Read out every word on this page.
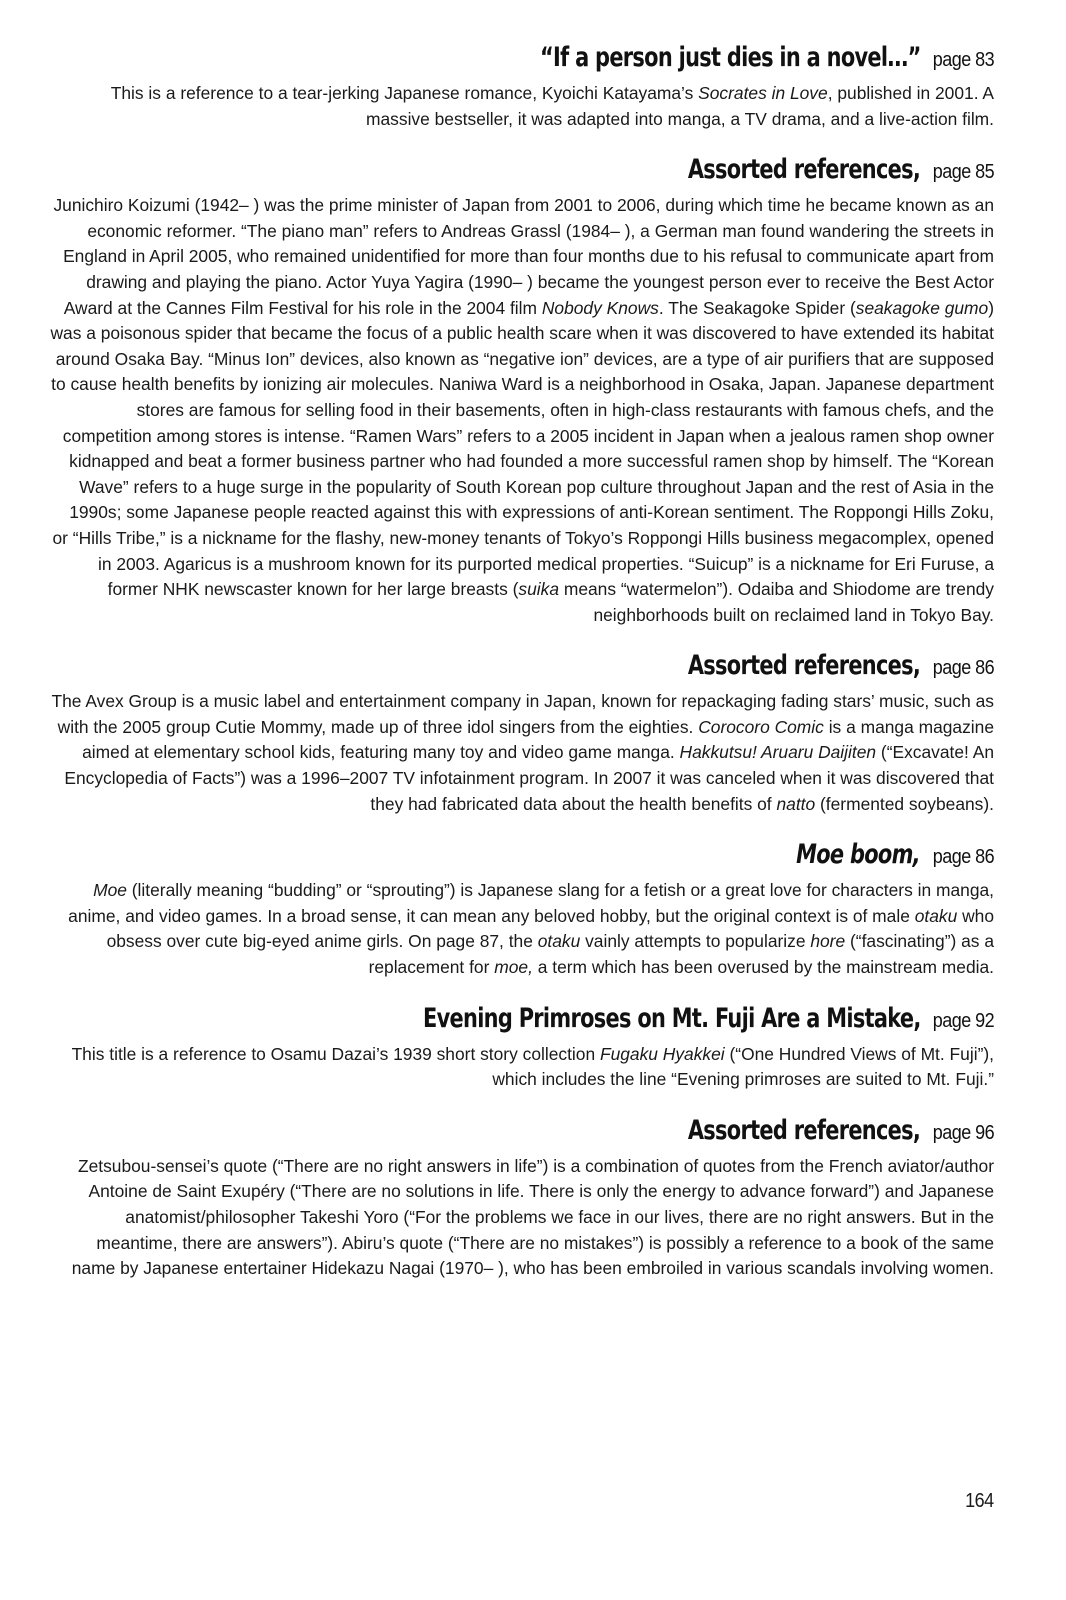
“If a person just dies in a novel…” page 83

This is a reference to a tear-jerking Japanese romance, Kyoichi Katayama’s Socrates in Love, published in 2001. A massive bestseller, it was adapted into manga, a TV drama, and a live-action film.

Assorted references, page 85

Junichiro Koizumi (1942– ) was the prime minister of Japan from 2001 to 2006, during which time he became known as an economic reformer. “The piano man” refers to Andreas Grassl (1984– ), a German man found wandering the streets in England in April 2005, who remained unidentified for more than four months due to his refusal to communicate apart from drawing and playing the piano. Actor Yuya Yagira (1990– ) became the youngest person ever to receive the Best Actor Award at the Cannes Film Festival for his role in the 2004 film Nobody Knows. The Seakagoke Spider (seakagoke gumo) was a poisonous spider that became the focus of a public health scare when it was discovered to have extended its habitat around Osaka Bay. “Minus Ion” devices, also known as “negative ion” devices, are a type of air purifiers that are supposed to cause health benefits by ionizing air molecules. Naniwa Ward is a neighborhood in Osaka, Japan. Japanese department stores are famous for selling food in their basements, often in high-class restaurants with famous chefs, and the competition among stores is intense. “Ramen Wars” refers to a 2005 incident in Japan when a jealous ramen shop owner kidnapped and beat a former business partner who had founded a more successful ramen shop by himself. The “Korean Wave” refers to a huge surge in the popularity of South Korean pop culture throughout Japan and the rest of Asia in the 1990s; some Japanese people reacted against this with expressions of anti-Korean sentiment. The Roppongi Hills Zoku, or “Hills Tribe,” is a nickname for the flashy, new-money tenants of Tokyo’s Roppongi Hills business megacomplex, opened in 2003. Agaricus is a mushroom known for its purported medical properties. “Suicup” is a nickname for Eri Furuse, a former NHK newscaster known for her large breasts (suika means “watermelon”). Odaiba and Shiodome are trendy neighborhoods built on reclaimed land in Tokyo Bay.

Assorted references, page 86

The Avex Group is a music label and entertainment company in Japan, known for repackaging fading stars’ music, such as with the 2005 group Cutie Mommy, made up of three idol singers from the eighties. Corocoro Comic is a manga magazine aimed at elementary school kids, featuring many toy and video game manga. Hakkutsu! Aruaru Daijiten (“Excavate! An Encyclopedia of Facts”) was a 1996–2007 TV infotainment program. In 2007 it was canceled when it was discovered that they had fabricated data about the health benefits of natto (fermented soybeans).

Moe boom, page 86

Moe (literally meaning “budding” or “sprouting”) is Japanese slang for a fetish or a great love for characters in manga, anime, and video games. In a broad sense, it can mean any beloved hobby, but the original context is of male otaku who obsess over cute big-eyed anime girls. On page 87, the otaku vainly attempts to popularize hore (“fascinating”) as a replacement for moe, a term which has been overused by the mainstream media.

Evening Primroses on Mt. Fuji Are a Mistake, page 92

This title is a reference to Osamu Dazai’s 1939 short story collection Fugaku Hyakkei (“One Hundred Views of Mt. Fuji”), which includes the line “Evening primroses are suited to Mt. Fuji.”

Assorted references, page 96

Zetsubou-sensei’s quote (“There are no right answers in life”) is a combination of quotes from the French aviator/author Antoine de Saint Exupéry (“There are no solutions in life. There is only the energy to advance forward”) and Japanese anatomist/philosopher Takeshi Yoro (“For the problems we face in our lives, there are no right answers. But in the meantime, there are answers”). Abiru’s quote (“There are no mistakes”) is possibly a reference to a book of the same name by Japanese entertainer Hidekazu Nagai (1970– ), who has been embroiled in various scandals involving women.

164
